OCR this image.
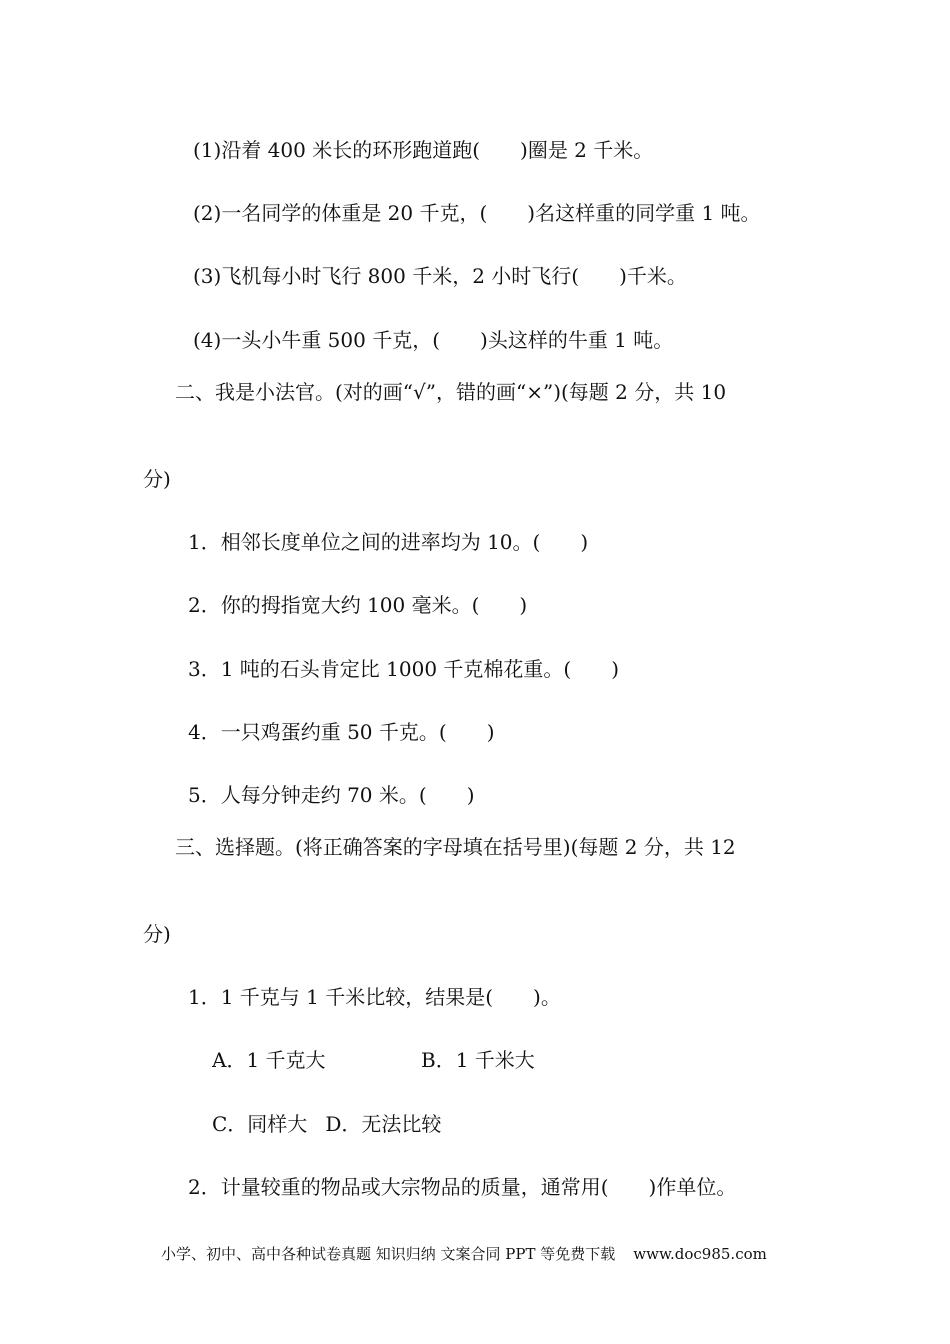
(1)沿着 400 米长的环形跑道跑(　　)圈是 2 千米。
(2)一名同学的体重是 20 千克，(　　)名这样重的同学重 1 吨。
(3)飞机每小时飞行 800 千米，2 小时飞行(　　)千米。
(4)一头小牛重 500 千克，(　　)头这样的牛重 1 吨。
二、我是小法官。(对的画“√”，错的画“×”)(每题 2 分，共 10
分)
1．相邻长度单位之间的进率均为 10。(　　)
2．你的拇指宽大约 100 毫米。(　　)
3．1 吨的石头肯定比 1000 千克棉花重。(　　)
4．一只鸡蛋约重 50 千克。(　　)
5．人每分钟走约 70 米。(　　)
三、选择题。(将正确答案的字母填在括号里)(每题 2 分，共 12
分)
1．1 千克与 1 千米比较，结果是(　　)。
A．1 千克大	B．1 千米大
C．同样大 D．无法比较
2．计量较重的物品或大宗物品的质量，通常用(　　)作单位。
小学、初中、高中各种试卷真题 知识归纳 文案合同 PPT 等免费下载 www.doc985.com
